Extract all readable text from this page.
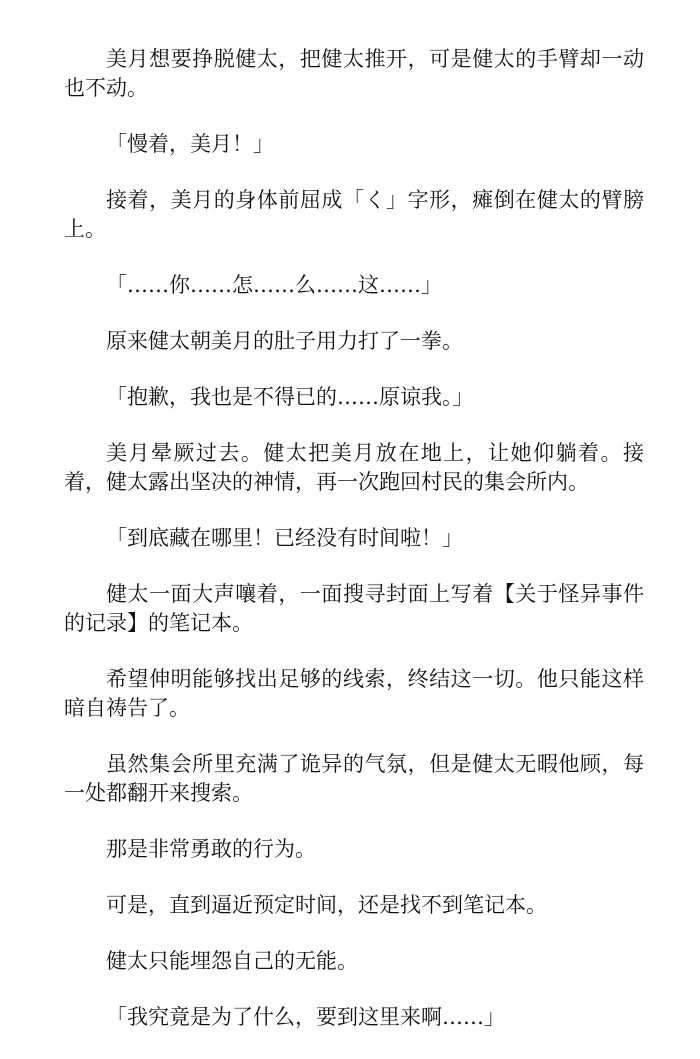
美月想要挣脱健太，把健太推开，可是健太的手臂却一动也不动。

「慢着，美月！」

接着，美月的身体前屈成「く」字形，瘫倒在健太的臂膀上。

「……你……怎……么……这……」

原来健太朝美月的肚子用力打了一拳。

「抱歉，我也是不得已的……原谅我。」

美月晕厥过去。健太把美月放在地上，让她仰躺着。接着，健太露出坚决的神情，再一次跑回村民的集会所内。

「到底藏在哪里！已经没有时间啦！」

健太一面大声嚷着，一面搜寻封面上写着【关于怪异事件的记录】的笔记本。

希望伸明能够找出足够的线索，终结这一切。他只能这样暗自祷告了。

虽然集会所里充满了诡异的气氛，但是健太无暇他顾，每一处都翻开来搜索。

那是非常勇敢的行为。

可是，直到逼近预定时间，还是找不到笔记本。

健太只能埋怨自己的无能。

「我究竟是为了什么，要到这里来啊……」
